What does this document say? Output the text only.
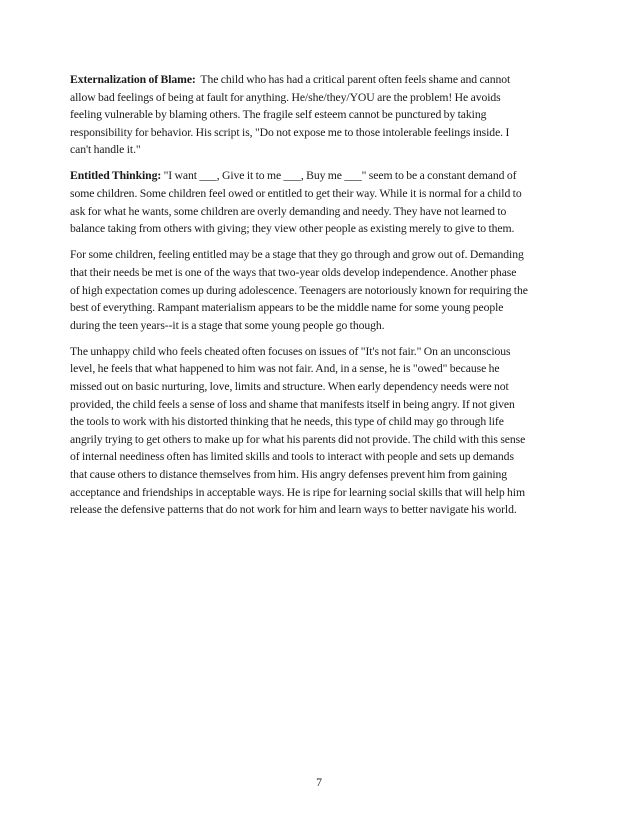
Externalization of Blame:  The child who has had a critical parent often feels shame and cannot
allow bad feelings of being at fault for anything. He/she/they/YOU are the problem! He avoids
feeling vulnerable by blaming others. The fragile self esteem cannot be punctured by taking
responsibility for behavior. His script is, "Do not expose me to those intolerable feelings inside. I
can't handle it."

Entitled Thinking: "I want ___, Give it to me ___, Buy me ___" seem to be a constant demand of
some children. Some children feel owed or entitled to get their way. While it is normal for a child to
ask for what he wants, some children are overly demanding and needy. They have not learned to
balance taking from others with giving; they view other people as existing merely to give to them.

For some children, feeling entitled may be a stage that they go through and grow out of. Demanding
that their needs be met is one of the ways that two-year olds develop independence. Another phase
of high expectation comes up during adolescence. Teenagers are notoriously known for requiring the
best of everything. Rampant materialism appears to be the middle name for some young people
during the teen years--it is a stage that some young people go though.

The unhappy child who feels cheated often focuses on issues of "It's not fair." On an unconscious
level, he feels that what happened to him was not fair. And, in a sense, he is "owed" because he
missed out on basic nurturing, love, limits and structure. When early dependency needs were not
provided, the child feels a sense of loss and shame that manifests itself in being angry. If not given
the tools to work with his distorted thinking that he needs, this type of child may go through life
angrily trying to get others to make up for what his parents did not provide. The child with this sense
of internal neediness often has limited skills and tools to interact with people and sets up demands
that cause others to distance themselves from him. His angry defenses prevent him from gaining
acceptance and friendships in acceptable ways. He is ripe for learning social skills that will help him
release the defensive patterns that do not work for him and learn ways to better navigate his world.

7
